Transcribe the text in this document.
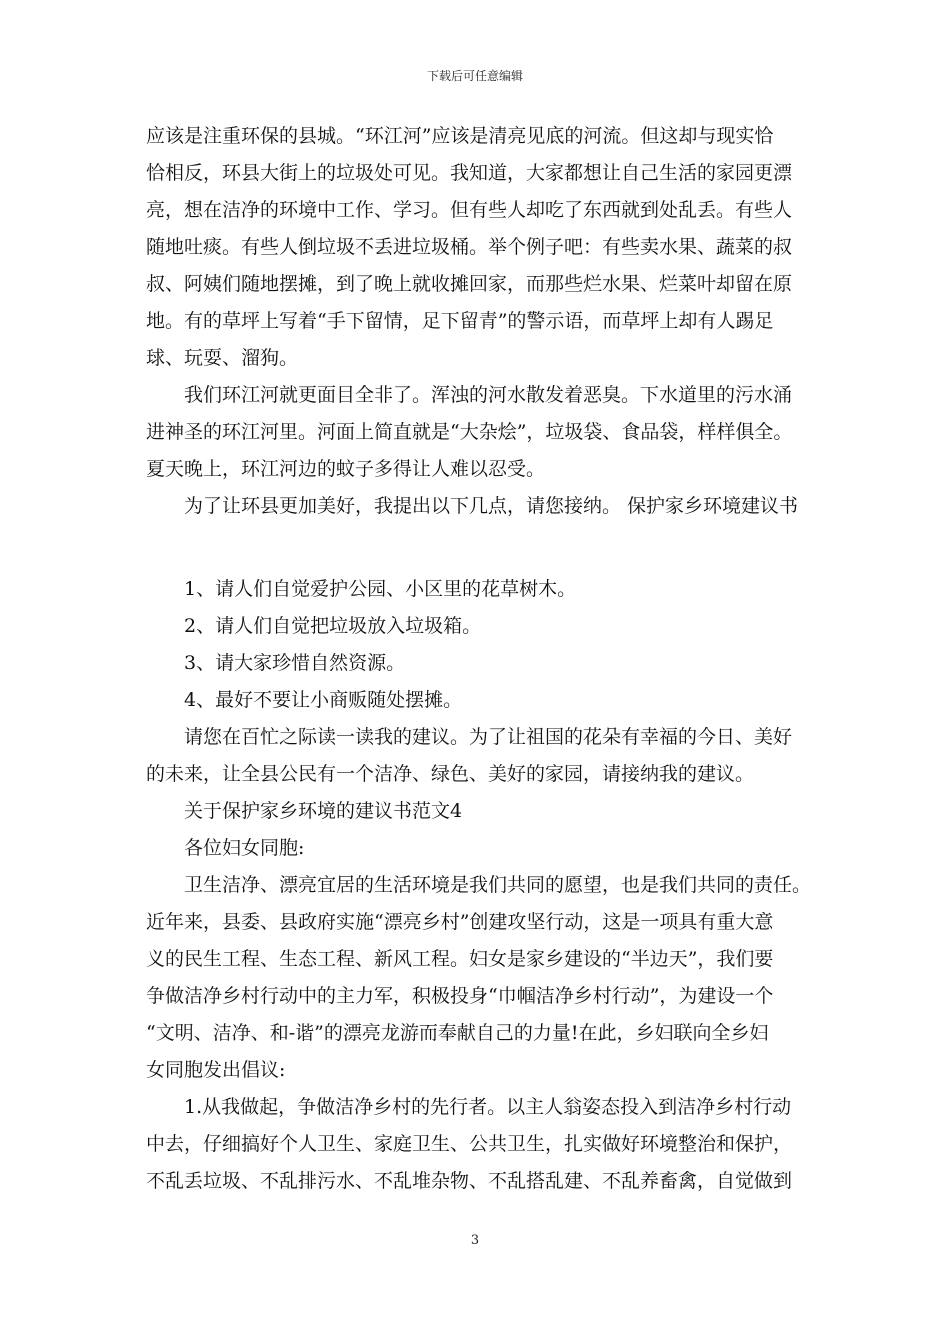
下载后可任意编辑
应该是注重环保的县城。“环江河”应该是清亮见底的河流。但这却与现实恰
恰相反，环县大街上的垃圾处可见。我知道，大家都想让自己生活的家园更漂
亮，想在洁净的环境中工作、学习。但有些人却吃了东西就到处乱丢。有些人
随地吐痰。有些人倒垃圾不丢进垃圾桶。举个例子吧：有些卖水果、蔬菜的叔
叔、阿姨们随地摆摊，到了晚上就收摊回家，而那些烂水果、烂菜叶却留在原
地。有的草坪上写着“手下留情，足下留青”的警示语，而草坪上却有人踢足
球、玩耍、溜狗。
我们环江河就更面目全非了。浑浊的河水散发着恶臭。下水道里的污水涌
进神圣的环江河里。河面上简直就是“大杂烩”，垃圾袋、食品袋，样样俱全。
夏天晚上，环江河边的蚊子多得让人难以忍受。
为了让环县更加美好，我提出以下几点，请您接纳。 保护家乡环境建议书
1、请人们自觉爱护公园、小区里的花草树木。
2、请人们自觉把垃圾放入垃圾箱。
3、请大家珍惜自然资源。
4、最好不要让小商贩随处摆摊。
请您在百忙之际读一读我的建议。为了让祖国的花朵有幸福的今日、美好
的未来，让全县公民有一个洁净、绿色、美好的家园，请接纳我的建议。
关于保护家乡环境的建议书范文4
各位妇女同胞:
卫生洁净、漂亮宜居的生活环境是我们共同的愿望，也是我们共同的责任。
近年来，县委、县政府实施“漂亮乡村”创建攻坚行动，这是一项具有重大意
义的民生工程、生态工程、新风工程。妇女是家乡建设的“半边天”，我们要
争做洁净乡村行动中的主力军，积极投身“巾帼洁净乡村行动”，为建设一个
“文明、洁净、和-谐”的漂亮龙游而奉献自己的力量!在此，乡妇联向全乡妇
女同胞发出倡议:
1.从我做起，争做洁净乡村的先行者。以主人翁姿态投入到洁净乡村行动
中去，仔细搞好个人卫生、家庭卫生、公共卫生，扎实做好环境整治和保护，
不乱丢垃圾、不乱排污水、不乱堆杂物、不乱搭乱建、不乱养畜禽，自觉做到
3
